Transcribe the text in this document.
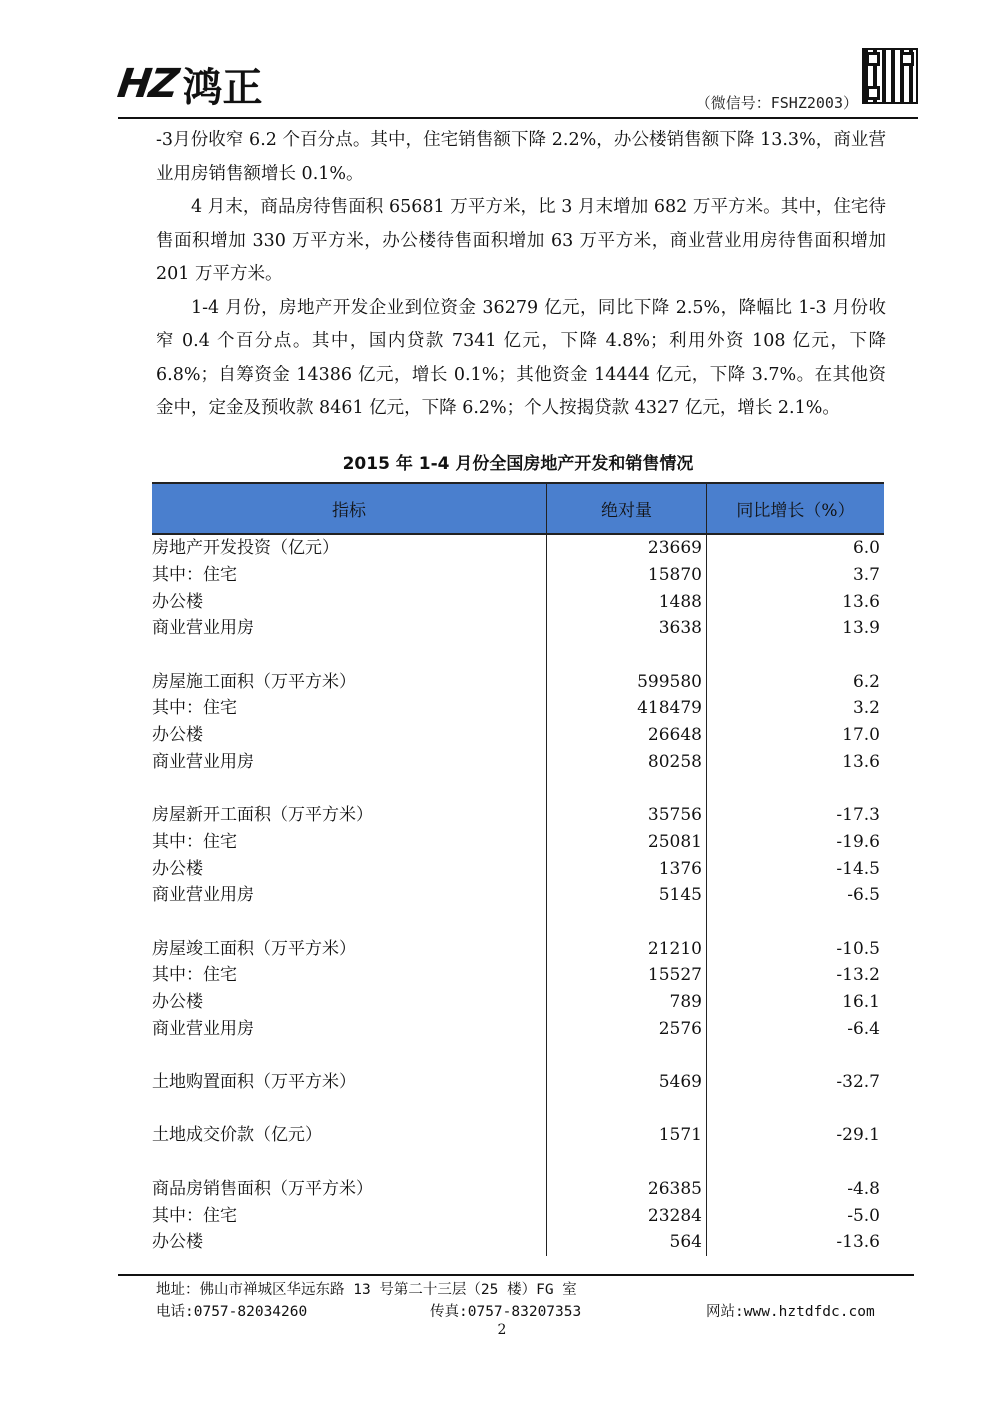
HZ 鸿正	（微信号：FSHZ2003）

-3月份收窄 6.2 个百分点。其中，住宅销售额下降 2.2%，办公楼销售额下降 13.3%，商业营业用房销售额增长 0.1%。

4 月末，商品房待售面积 65681 万平方米，比 3 月末增加 682 万平方米。其中，住宅待售面积增加 330 万平方米，办公楼待售面积增加 63 万平方米，商业营业用房待售面积增加 201 万平方米。

1-4 月份，房地产开发企业到位资金 36279 亿元，同比下降 2.5%，降幅比 1-3 月份收窄 0.4 个百分点。其中，国内贷款 7341 亿元，下降 4.8%；利用外资 108 亿元，下降 6.8%；自筹资金 14386 亿元，增长 0.1%；其他资金 14444 亿元，下降 3.7%。在其他资金中，定金及预收款 8461 亿元，下降 6.2%；个人按揭贷款 4327 亿元，增长 2.1%。

2015 年 1-4 月份全国房地产开发和销售情况
指标	绝对量	同比增长（%）
房地产开发投资（亿元）	23669	6.0
其中：住宅	15870	3.7
办公楼	1488	13.6
商业营业用房	3638	13.9

房屋施工面积（万平方米）	599580	6.2
其中：住宅	418479	3.2
办公楼	26648	17.0
商业营业用房	80258	13.6

房屋新开工面积（万平方米）	35756	-17.3
其中：住宅	25081	-19.6
办公楼	1376	-14.5
商业营业用房	5145	-6.5

房屋竣工面积（万平方米）	21210	-10.5
其中：住宅	15527	-13.2
办公楼	789	16.1
商业营业用房	2576	-6.4

土地购置面积（万平方米）	5469	-32.7

土地成交价款（亿元）	1571	-29.1

商品房销售面积（万平方米）	26385	-4.8
其中：住宅	23284	-5.0
办公楼	564	-13.6
地址：佛山市禅城区华远东路 13 号第二十三层（25 楼）FG 室
电话:0757-82034260	传真:0757-83207353	网站:www.hztdfdc.com
2
